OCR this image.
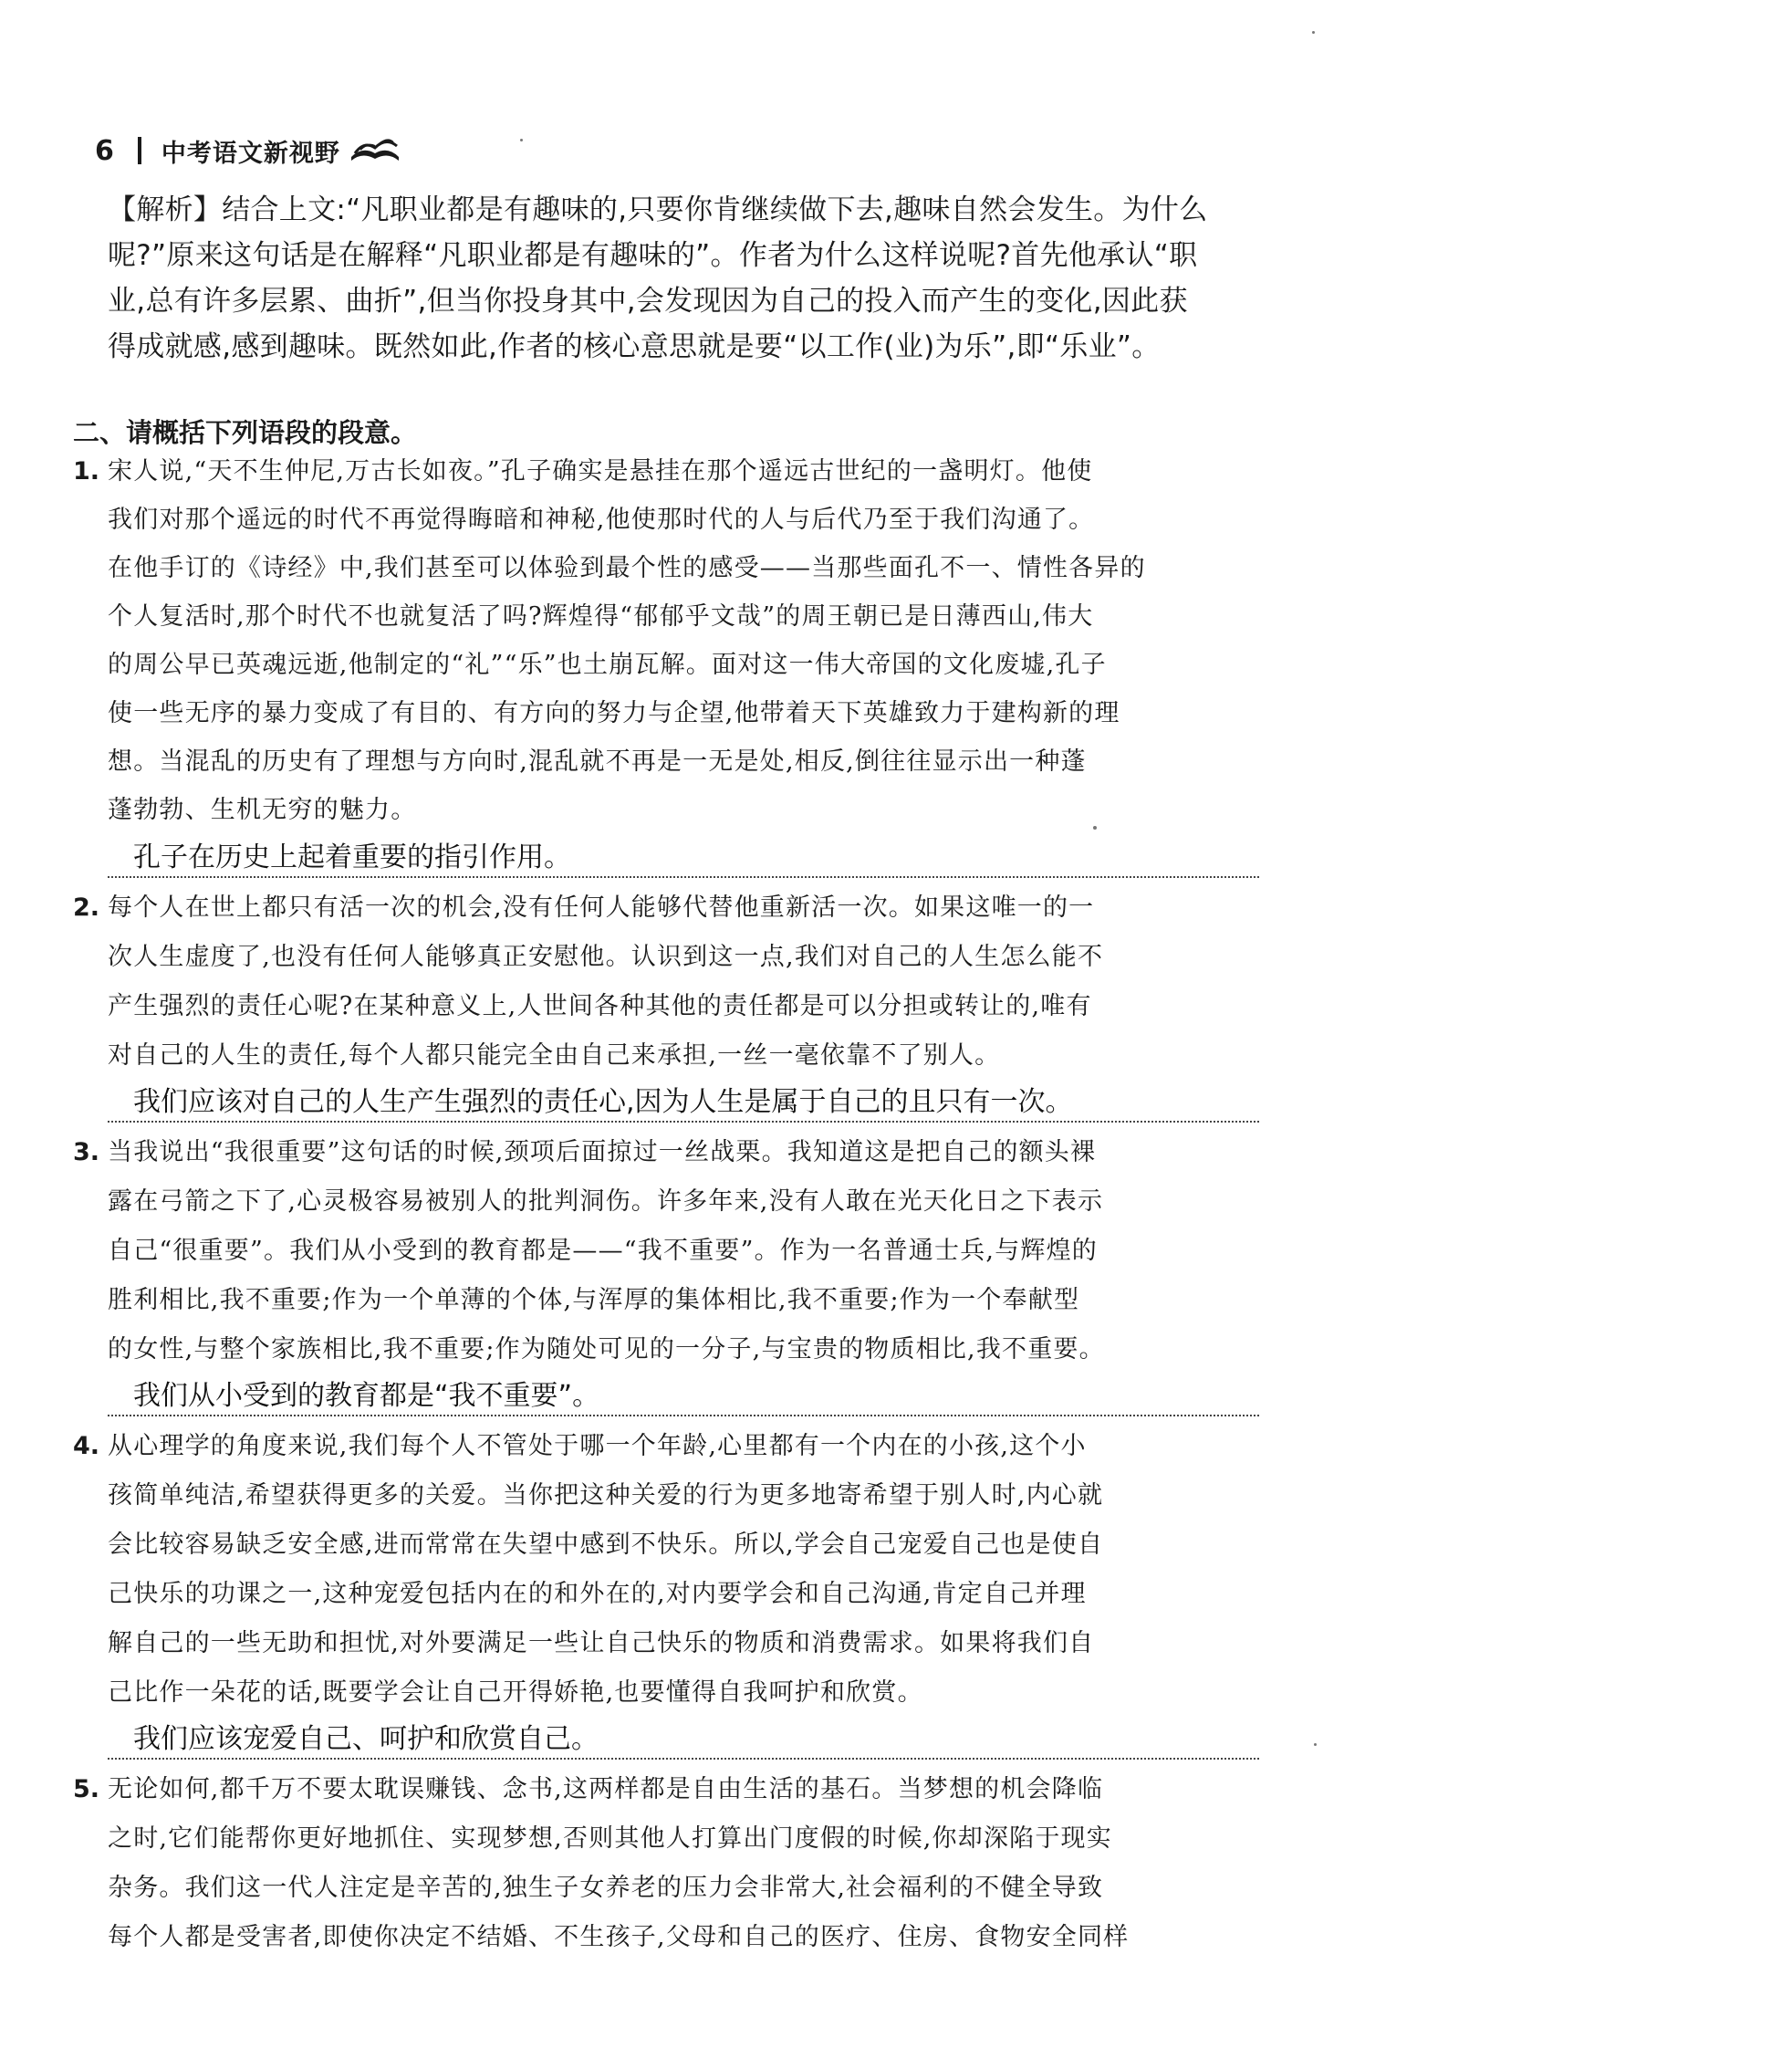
6 中考语文新视野
【解析】结合上文:“凡职业都是有趣味的,只要你肯继续做下去,趣味自然会发生。为什么
呢?”原来这句话是在解释“凡职业都是有趣味的”。作者为什么这样说呢?首先他承认“职
业,总有许多层累、曲折”,但当你投身其中,会发现因为自己的投入而产生的变化,因此获
得成就感,感到趣味。既然如此,作者的核心意思就是要“以工作(业)为乐”,即“乐业”。
二、请概括下列语段的段意。
1. 宋人说,“天不生仲尼,万古长如夜。”孔子确实是悬挂在那个遥远古世纪的一盏明灯。他使
我们对那个遥远的时代不再觉得晦暗和神秘,他使那时代的人与后代乃至于我们沟通了。
在他手订的《诗经》中,我们甚至可以体验到最个性的感受——当那些面孔不一、情性各异的
个人复活时,那个时代不也就复活了吗?辉煌得“郁郁乎文哉”的周王朝已是日薄西山,伟大
的周公早已英魂远逝,他制定的“礼”“乐”也土崩瓦解。面对这一伟大帝国的文化废墟,孔子
使一些无序的暴力变成了有目的、有方向的努力与企望,他带着天下英雄致力于建构新的理
想。当混乱的历史有了理想与方向时,混乱就不再是一无是处,相反,倒往往显示出一种蓬
蓬勃勃、生机无穷的魅力。
孔子在历史上起着重要的指引作用。
2. 每个人在世上都只有活一次的机会,没有任何人能够代替他重新活一次。如果这唯一的一
次人生虚度了,也没有任何人能够真正安慰他。认识到这一点,我们对自己的人生怎么能不
产生强烈的责任心呢?在某种意义上,人世间各种其他的责任都是可以分担或转让的,唯有
对自己的人生的责任,每个人都只能完全由自己来承担,一丝一毫依靠不了别人。
我们应该对自己的人生产生强烈的责任心,因为人生是属于自己的且只有一次。
3. 当我说出“我很重要”这句话的时候,颈项后面掠过一丝战栗。我知道这是把自己的额头裸
露在弓箭之下了,心灵极容易被别人的批判洞伤。许多年来,没有人敢在光天化日之下表示
自己“很重要”。我们从小受到的教育都是——“我不重要”。作为一名普通士兵,与辉煌的
胜利相比,我不重要;作为一个单薄的个体,与浑厚的集体相比,我不重要;作为一个奉献型
的女性,与整个家族相比,我不重要;作为随处可见的一分子,与宝贵的物质相比,我不重要。
我们从小受到的教育都是“我不重要”。
4. 从心理学的角度来说,我们每个人不管处于哪一个年龄,心里都有一个内在的小孩,这个小
孩简单纯洁,希望获得更多的关爱。当你把这种关爱的行为更多地寄希望于别人时,内心就
会比较容易缺乏安全感,进而常常在失望中感到不快乐。所以,学会自己宠爱自己也是使自
己快乐的功课之一,这种宠爱包括内在的和外在的,对内要学会和自己沟通,肯定自己并理
解自己的一些无助和担忧,对外要满足一些让自己快乐的物质和消费需求。如果将我们自
己比作一朵花的话,既要学会让自己开得娇艳,也要懂得自我呵护和欣赏。
我们应该宠爱自己、呵护和欣赏自己。
5. 无论如何,都千万不要太耽误赚钱、念书,这两样都是自由生活的基石。当梦想的机会降临
之时,它们能帮你更好地抓住、实现梦想,否则其他人打算出门度假的时候,你却深陷于现实
杂务。我们这一代人注定是辛苦的,独生子女养老的压力会非常大,社会福利的不健全导致
每个人都是受害者,即使你决定不结婚、不生孩子,父母和自己的医疗、住房、食物安全同样
